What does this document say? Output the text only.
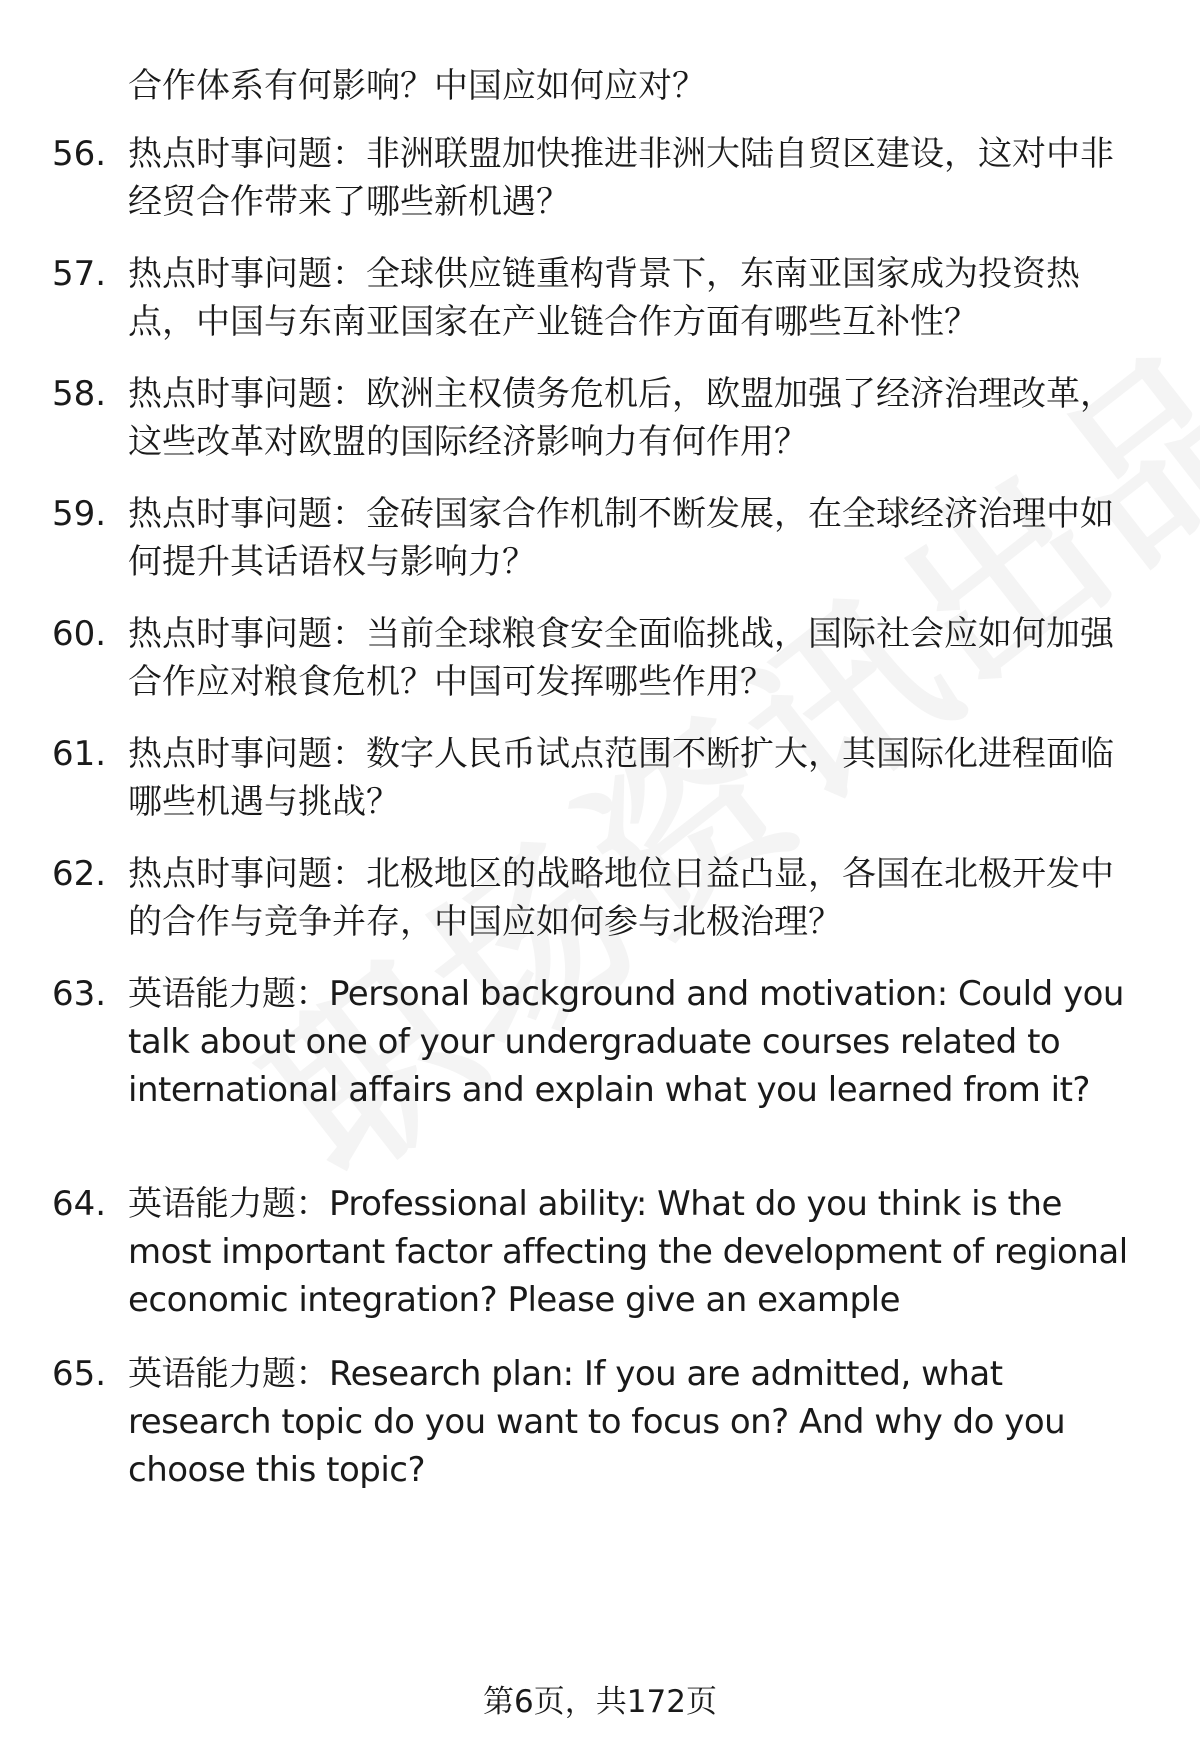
合作体系有何影响？中国应如何应对？
56. 热点时事问题：非洲联盟加快推进非洲大陆自贸区建设，这对中非经贸合作带来了哪些新机遇？
57. 热点时事问题：全球供应链重构背景下，东南亚国家成为投资热点，中国与东南亚国家在产业链合作方面有哪些互补性？
58. 热点时事问题：欧洲主权债务危机后，欧盟加强了经济治理改革，这些改革对欧盟的国际经济影响力有何作用？
59. 热点时事问题：金砖国家合作机制不断发展，在全球经济治理中如何提升其话语权与影响力？
60. 热点时事问题：当前全球粮食安全面临挑战，国际社会应如何加强合作应对粮食危机？中国可发挥哪些作用？
61. 热点时事问题：数字人民币试点范围不断扩大，其国际化进程面临哪些机遇与挑战？
62. 热点时事问题：北极地区的战略地位日益凸显，各国在北极开发中的合作与竞争并存，中国应如何参与北极治理？
63. 英语能力题：Personal background and motivation: Could you talk about one of your undergraduate courses related to international affairs and explain what you learned from it?
64. 英语能力题：Professional ability: What do you think is the most important factor affecting the development of regional economic integration? Please give an example
65. 英语能力题：Research plan: If you are admitted, what research topic do you want to focus on? And why do you choose this topic?
第6页，共172页
